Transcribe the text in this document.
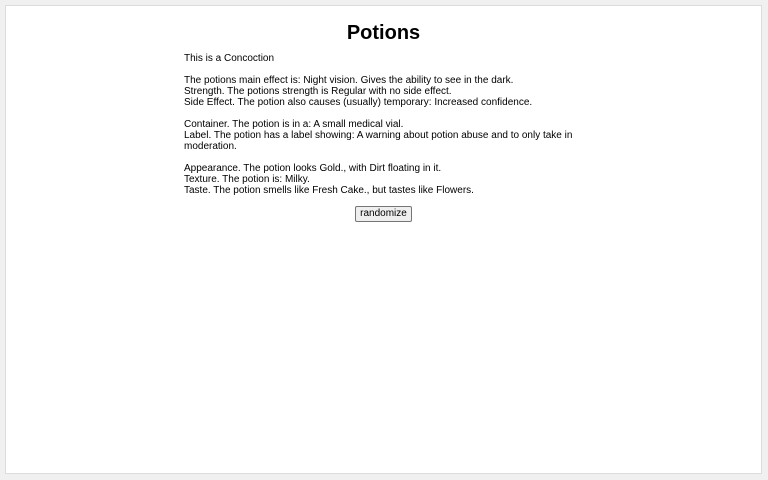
Potions
This is a Concoction
The potions main effect is: Night vision. Gives the ability to see in the dark.
Strength. The potions strength is Regular with no side effect.
Side Effect. The potion also causes (usually) temporary: Increased confidence.
Container. The potion is in a: A small medical vial.
Label. The potion has a label showing: A warning about potion abuse and to only take in moderation.
Appearance. The potion looks Gold., with Dirt floating in it.
Texture. The potion is: Milky.
Taste. The potion smells like Fresh Cake., but tastes like Flowers.
randomize
